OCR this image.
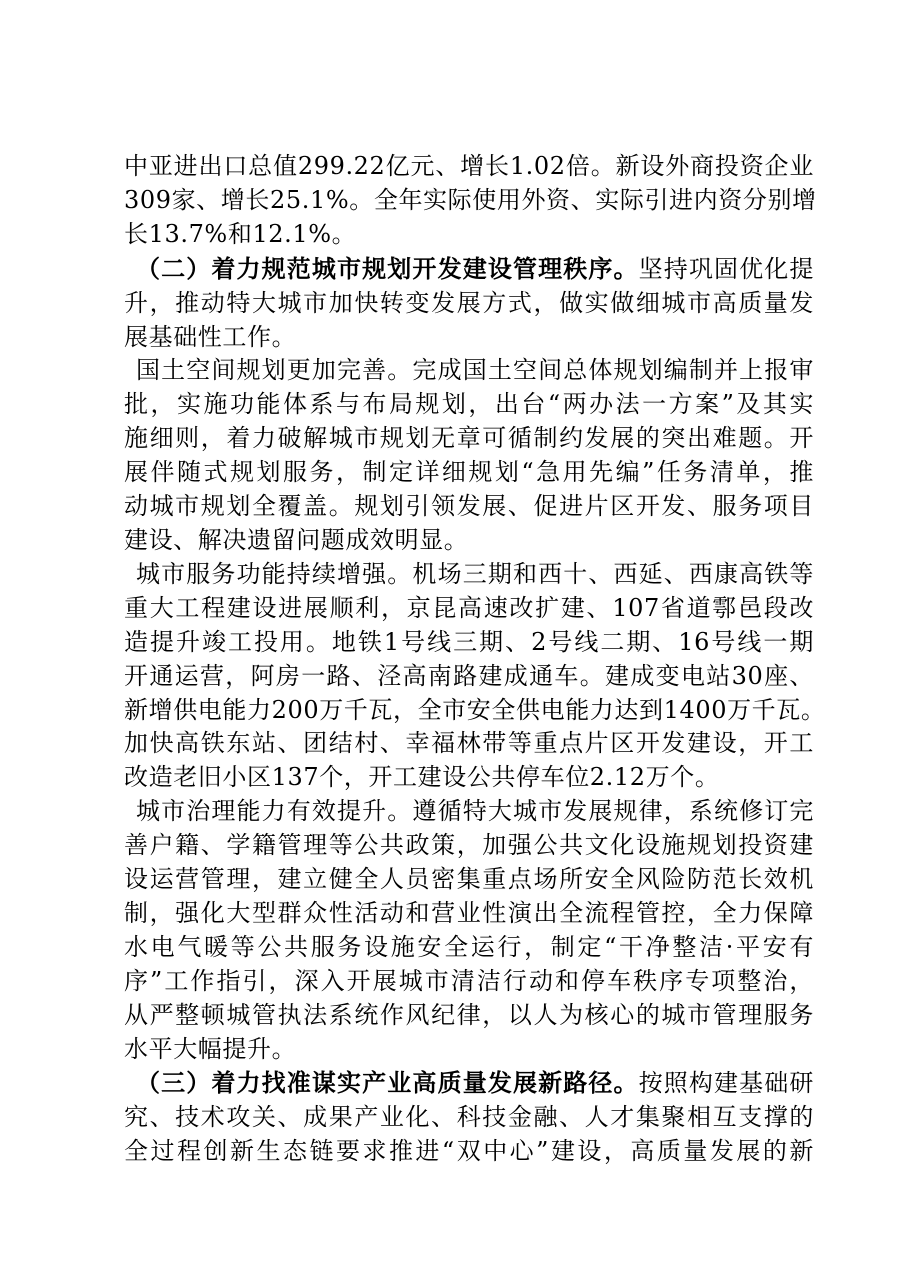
中亚进出口总值299.22亿元、增长1.02倍。新设外商投资企业
309家、增长25.1%。全年实际使用外资、实际引进内资分别增
长13.7%和12.1%。

（二）着力规范城市规划开发建设管理秩序。坚持巩固优化提
升，推动特大城市加快转变发展方式，做实做细城市高质量发
展基础性工作。

国土空间规划更加完善。完成国土空间总体规划编制并上报审
批，实施功能体系与布局规划，出台“两办法一方案”及其实
施细则，着力破解城市规划无章可循制约发展的突出难题。开
展伴随式规划服务，制定详细规划“急用先编”任务清单，推
动城市规划全覆盖。规划引领发展、促进片区开发、服务项目
建设、解决遗留问题成效明显。

城市服务功能持续增强。机场三期和西十、西延、西康高铁等
重大工程建设进展顺利，京昆高速改扩建、107省道鄠邑段改
造提升竣工投用。地铁1号线三期、2号线二期、16号线一期
开通运营，阿房一路、泾高南路建成通车。建成变电站30座、
新增供电能力200万千瓦，全市安全供电能力达到1400万千瓦。
加快高铁东站、团结村、幸福林带等重点片区开发建设，开工
改造老旧小区137个，开工建设公共停车位2.12万个。

城市治理能力有效提升。遵循特大城市发展规律，系统修订完
善户籍、学籍管理等公共政策，加强公共文化设施规划投资建
设运营管理，建立健全人员密集重点场所安全风险防范长效机
制，强化大型群众性活动和营业性演出全流程管控，全力保障
水电气暖等公共服务设施安全运行，制定“干净整洁·平安有
序”工作指引，深入开展城市清洁行动和停车秩序专项整治，
从严整顿城管执法系统作风纪律，以人为核心的城市管理服务
水平大幅提升。

（三）着力找准谋实产业高质量发展新路径。按照构建基础研
究、技术攻关、成果产业化、科技金融、人才集聚相互支撑的
全过程创新生态链要求推进“双中心”建设，高质量发展的新
